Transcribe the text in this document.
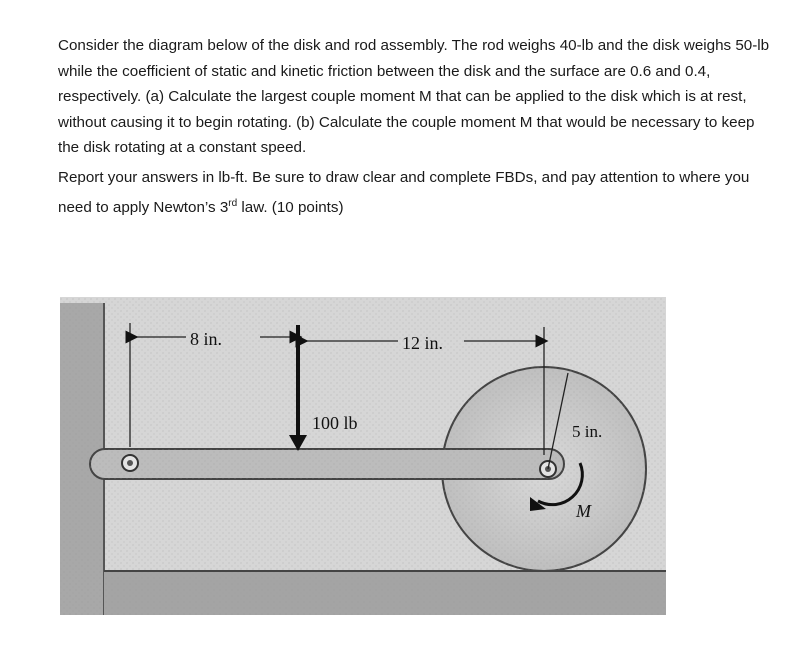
Consider the diagram below of the disk and rod assembly. The rod weighs 40-lb and the disk weighs 50-lb while the coefficient of static and kinetic friction between the disk and the surface are 0.6 and 0.4, respectively. (a) Calculate the largest couple moment M that can be applied to the disk which is at rest, without causing it to begin rotating. (b) Calculate the couple moment M that would be necessary to keep the disk rotating at a constant speed.

Report your answers in lb-ft. Be sure to draw clear and complete FBDs, and pay attention to where you need to apply Newton’s 3rd law. (10 points)

8 in.	12 in.
100 lb	5 in.
M
